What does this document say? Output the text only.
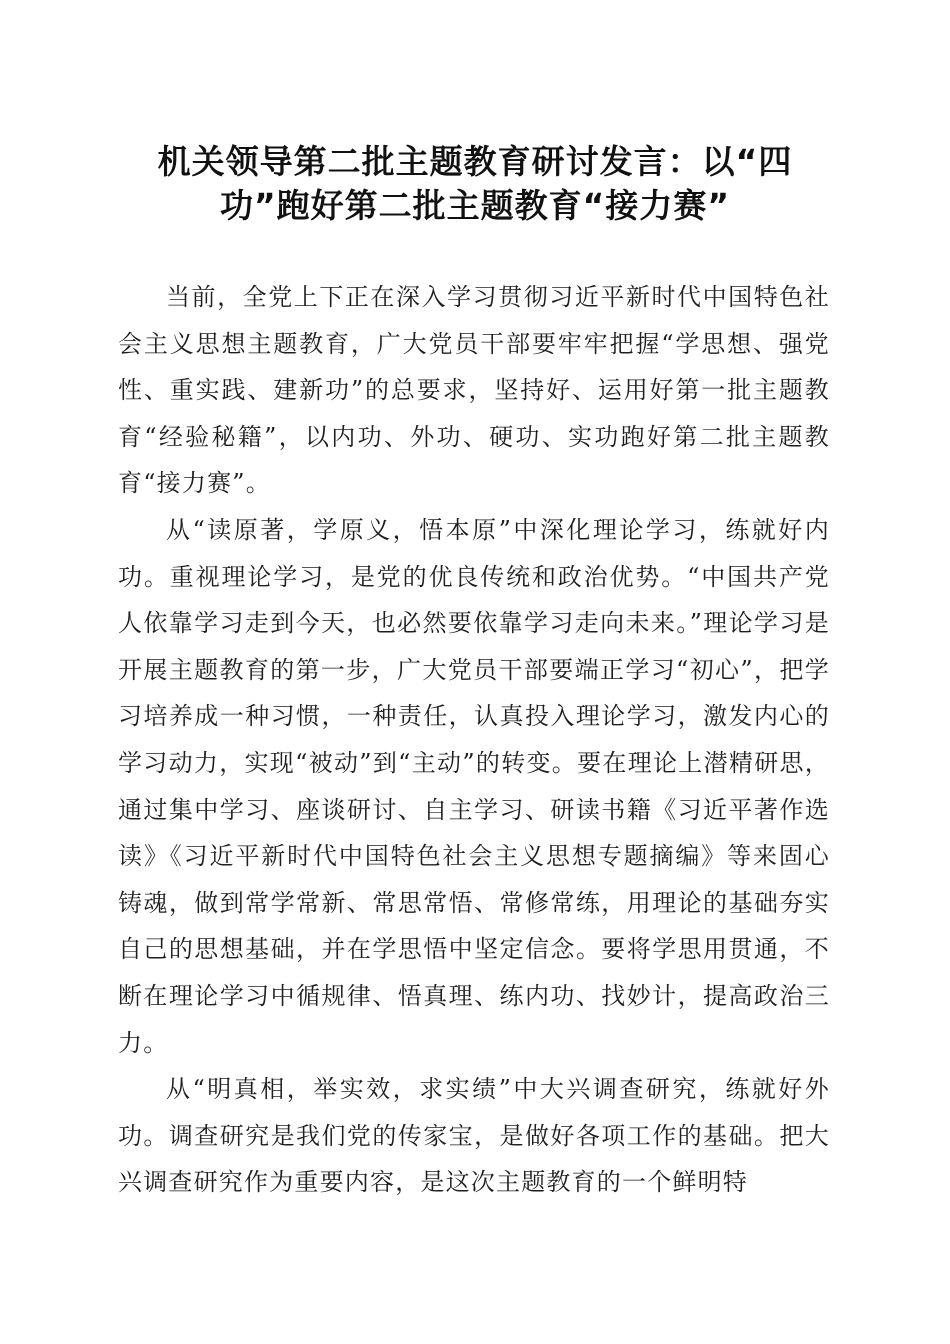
机关领导第二批主题教育研讨发言：以“四功”跑好第二批主题教育“接力赛”

当前，全党上下正在深入学习贯彻习近平新时代中国特色社会主义思想主题教育，广大党员干部要牢牢把握“学思想、强党性、重实践、建新功”的总要求，坚持好、运用好第一批主题教育“经验秘籍”，以内功、外功、硬功、实功跑好第二批主题教育“接力赛”。

从“读原著，学原义，悟本原”中深化理论学习，练就好内功。重视理论学习，是党的优良传统和政治优势。“中国共产党人依靠学习走到今天，也必然要依靠学习走向未来。”理论学习是开展主题教育的第一步，广大党员干部要端正学习“初心”，把学习培养成一种习惯，一种责任，认真投入理论学习，激发内心的学习动力，实现“被动”到“主动”的转变。要在理论上潜精研思，通过集中学习、座谈研讨、自主学习、研读书籍《习近平著作选读》《习近平新时代中国特色社会主义思想专题摘编》等来固心铸魂，做到常学常新、常思常悟、常修常练，用理论的基础夯实自己的思想基础，并在学思悟中坚定信念。要将学思用贯通，不断在理论学习中循规律、悟真理、练内功、找妙计，提高政治三力。

从“明真相，举实效，求实绩”中大兴调查研究，练就好外功。调查研究是我们党的传家宝，是做好各项工作的基础。把大兴调查研究作为重要内容，是这次主题教育的一个鲜明特
